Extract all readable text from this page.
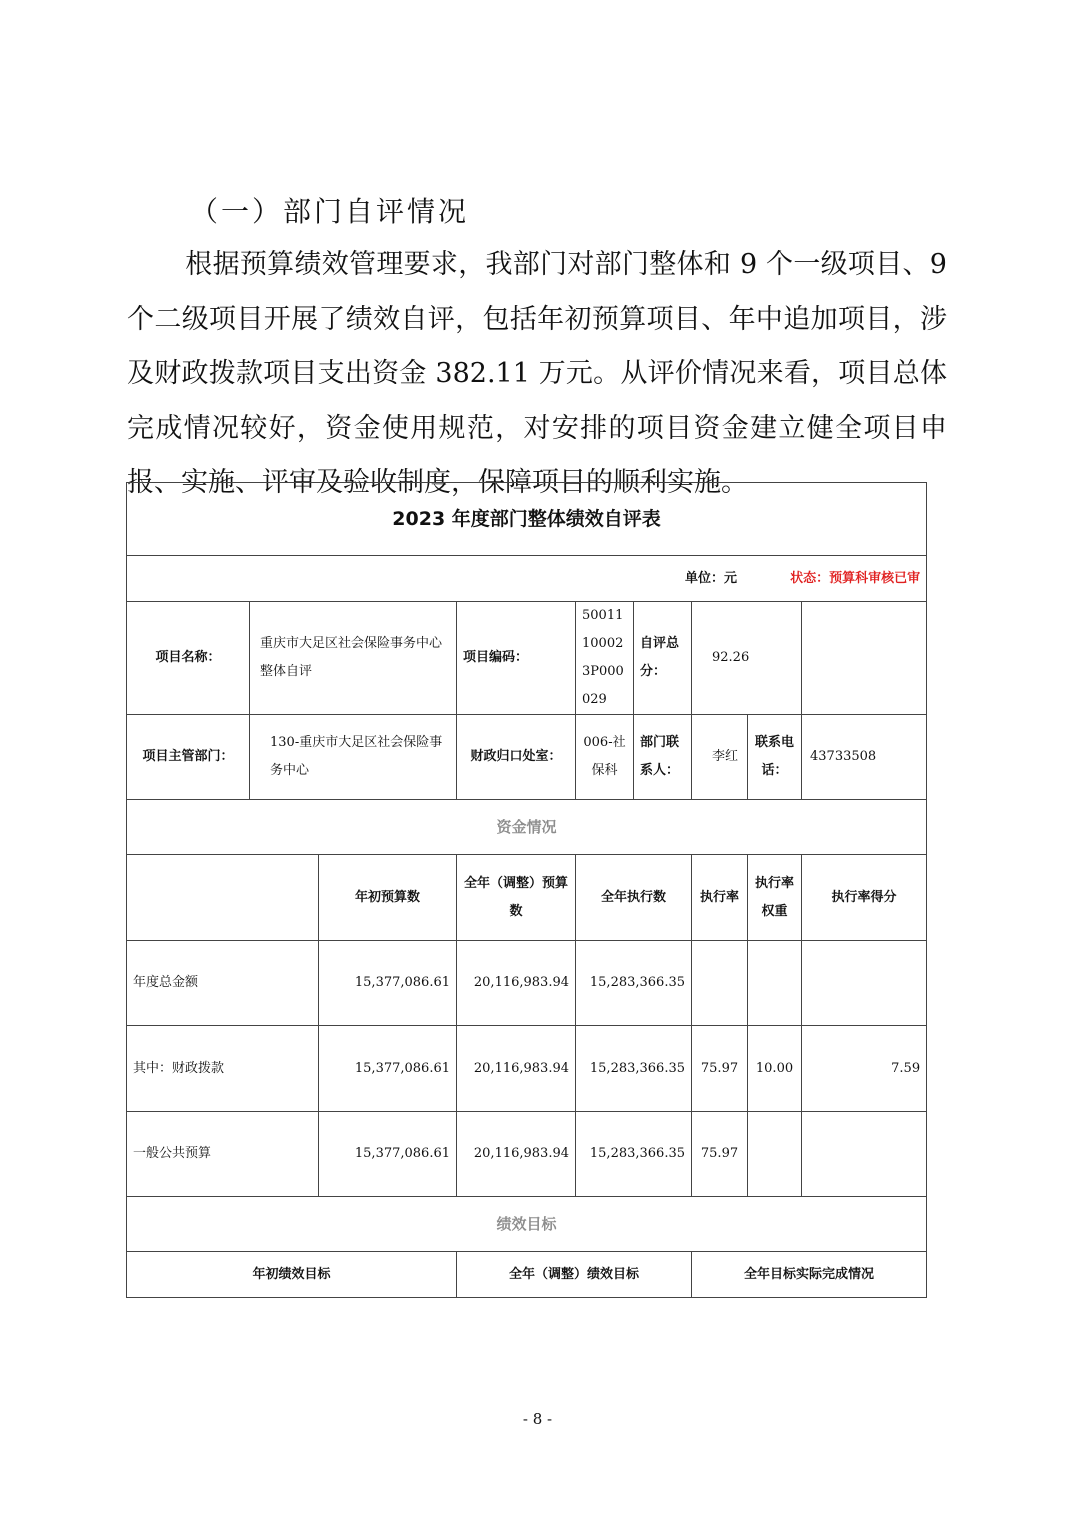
（一）部门自评情况
根据预算绩效管理要求，我部门对部门整体和 9 个一级项目、9 个二级项目开展了绩效自评，包括年初预算项目、年中追加项目，涉及财政拨款项目支出资金 382.11 万元。从评价情况来看，项目总体完成情况较好，资金使用规范，对安排的项目资金建立健全项目申报、实施、评审及验收制度，保障项目的顺利实施。
2023 年度部门整体绩效自评表								
单位：元 状态：预算科审核已审								
项目名称：	重庆市大足区社会保险事务中心整体自评		项目编码：	50011100023P000029	自评总分：	92.26		
项目主管部门：	130-重庆市大足区社会保险事务中心		财政归口处室：	006-社保科	部门联系人：	李红	联系电话：	43733508
资金情况								
		年初预算数	全年（调整）预算数	全年执行数		执行率	执行率权重	执行率得分
年度总金额		15,377,086.61	20,116,983.94	15,283,366.35				
其中：财政拨款		15,377,086.61	20,116,983.94	15,283,366.35		75.97	10.00	7.59
一般公共预算		15,377,086.61	20,116,983.94	15,283,366.35		75.97		
绩效目标								
年初绩效目标			全年（调整）绩效目标			全年目标实际完成情况		
- 8 -
